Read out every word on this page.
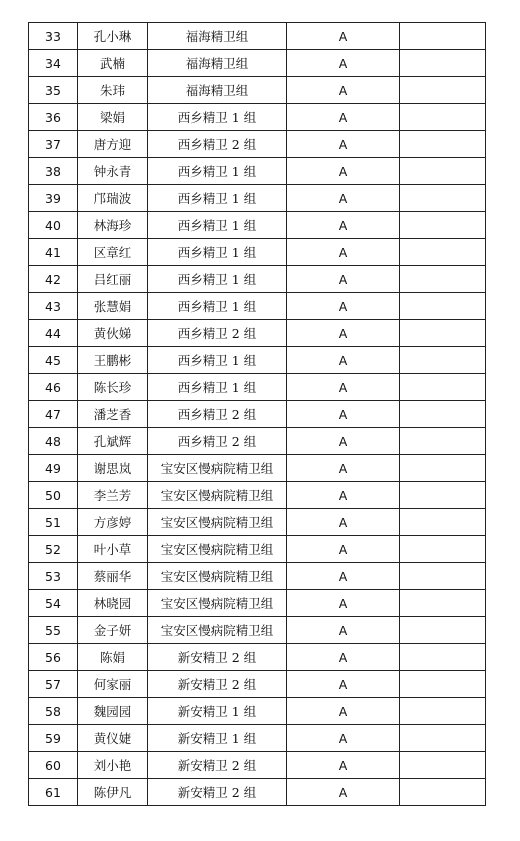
33	孔小琳	福海精卫组	A	
34	武楠	福海精卫组	A	
35	朱玮	福海精卫组	A	
36	梁娟	西乡精卫 1 组	A	
37	唐方迎	西乡精卫 2 组	A	
38	钟永青	西乡精卫 1 组	A	
39	邝瑞波	西乡精卫 1 组	A	
40	林海珍	西乡精卫 1 组	A	
41	区章红	西乡精卫 1 组	A	
42	吕红丽	西乡精卫 1 组	A	
43	张慧娟	西乡精卫 1 组	A	
44	黄伙娣	西乡精卫 2 组	A	
45	王鹏彬	西乡精卫 1 组	A	
46	陈长珍	西乡精卫 1 组	A	
47	潘芝香	西乡精卫 2 组	A	
48	孔斌辉	西乡精卫 2 组	A	
49	谢思岚	宝安区慢病院精卫组	A	
50	李兰芳	宝安区慢病院精卫组	A	
51	方彦婷	宝安区慢病院精卫组	A	
52	叶小草	宝安区慢病院精卫组	A	
53	蔡丽华	宝安区慢病院精卫组	A	
54	林晓园	宝安区慢病院精卫组	A	
55	金子妍	宝安区慢病院精卫组	A	
56	陈娟	新安精卫 2 组	A	
57	何家丽	新安精卫 2 组	A	
58	魏园园	新安精卫 1 组	A	
59	黄仪婕	新安精卫 1 组	A	
60	刘小艳	新安精卫 2 组	A	
61	陈伊凡	新安精卫 2 组	A	
